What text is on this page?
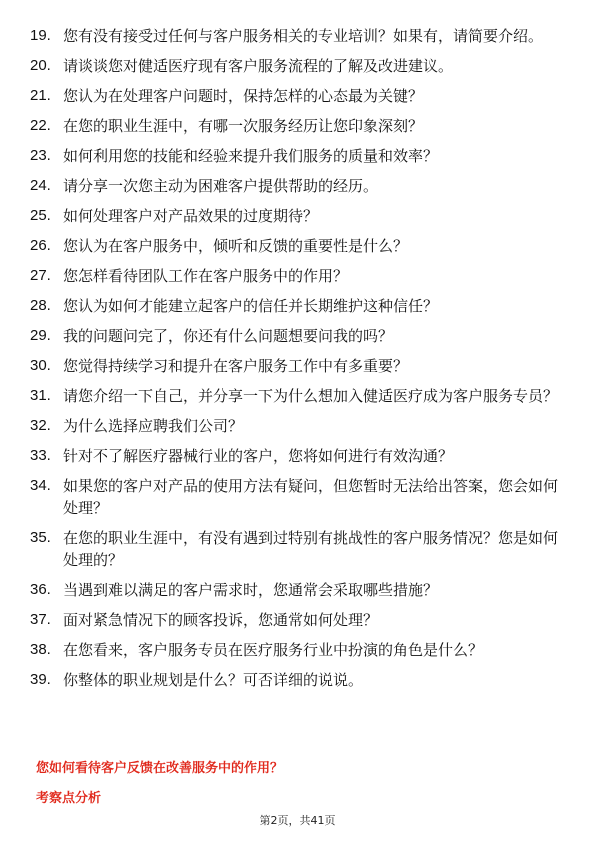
19. 您有没有接受过任何与客户服务相关的专业培训？如果有，请简要介绍。
20. 请谈谈您对健适医疗现有客户服务流程的了解及改进建议。
21. 您认为在处理客户问题时，保持怎样的心态最为关键？
22. 在您的职业生涯中，有哪一次服务经历让您印象深刻？
23. 如何利用您的技能和经验来提升我们服务的质量和效率？
24. 请分享一次您主动为困难客户提供帮助的经历。
25. 如何处理客户对产品效果的过度期待？
26. 您认为在客户服务中，倾听和反馈的重要性是什么？
27. 您怎样看待团队工作在客户服务中的作用？
28. 您认为如何才能建立起客户的信任并长期维护这种信任？
29. 我的问题问完了，你还有什么问题想要问我的吗？
30. 您觉得持续学习和提升在客户服务工作中有多重要？
31. 请您介绍一下自己，并分享一下为什么想加入健适医疗成为客户服务专员？
32. 为什么选择应聘我们公司？
33. 针对不了解医疗器械行业的客户，您将如何进行有效沟通？
34. 如果您的客户对产品的使用方法有疑问，但您暂时无法给出答案，您会如何处理？
35. 在您的职业生涯中，有没有遇到过特别有挑战性的客户服务情况？您是如何处理的？
36. 当遇到难以满足的客户需求时，您通常会采取哪些措施？
37. 面对紧急情况下的顾客投诉，您通常如何处理？
38. 在您看来，客户服务专员在医疗服务行业中扮演的角色是什么？
39. 你整体的职业规划是什么？可否详细的说说。
您如何看待客户反馈在改善服务中的作用？
考察点分析
第2页，共41页
